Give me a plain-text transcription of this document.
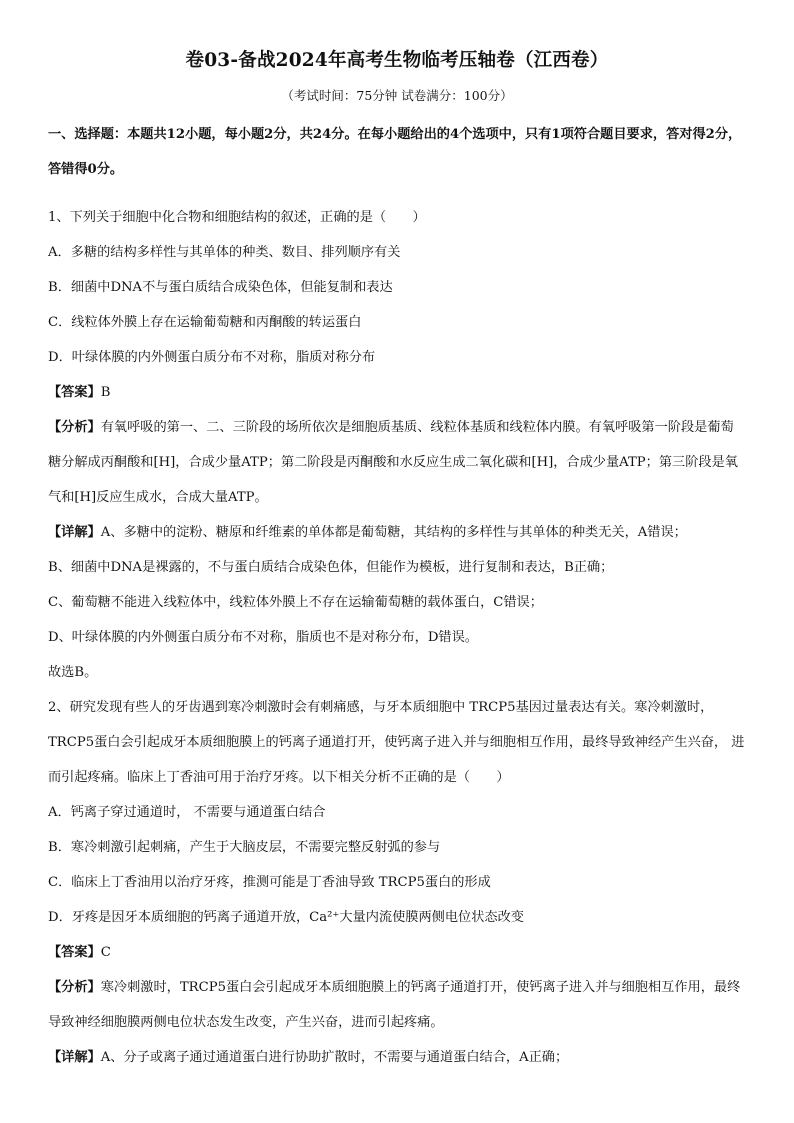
卷03-备战2024年高考生物临考压轴卷（江西卷）
（考试时间：75分钟 试卷满分：100分）

一、选择题：本题共12小题，每小题2分，共24分。在每小题给出的4个选项中，只有1项符合题目要求，答对得2分，答错得0分。

1、下列关于细胞中化合物和细胞结构的叙述，正确的是（　　）

A．多糖的结构多样性与其单体的种类、数目、排列顺序有关

B．细菌中DNA不与蛋白质结合成染色体，但能复制和表达

C．线粒体外膜上存在运输葡萄糖和丙酮酸的转运蛋白

D．叶绿体膜的内外侧蛋白质分布不对称，脂质对称分布

【答案】B

【分析】有氧呼吸的第一、二、三阶段的场所依次是细胞质基质、线粒体基质和线粒体内膜。有氧呼吸第一阶段是葡萄糖分解成丙酮酸和[H]，合成少量ATP；第二阶段是丙酮酸和水反应生成二氧化碳和[H]，合成少量ATP；第三阶段是氧气和[H]反应生成水，合成大量ATP。

【详解】A、多糖中的淀粉、糖原和纤维素的单体都是葡萄糖，其结构的多样性与其单体的种类无关，A错误；

B、细菌中DNA是裸露的，不与蛋白质结合成染色体，但能作为模板，进行复制和表达，B正确；

C、葡萄糖不能进入线粒体中，线粒体外膜上不存在运输葡萄糖的载体蛋白，C错误；

D、叶绿体膜的内外侧蛋白质分布不对称，脂质也不是对称分布，D错误。

故选B。

2、研究发现有些人的牙齿遇到寒冷刺激时会有刺痛感，与牙本质细胞中 TRCP5基因过量表达有关。寒冷刺激时，TRCP5蛋白会引起成牙本质细胞膜上的钙离子通道打开，使钙离子进入并与细胞相互作用，最终导致神经产生兴奋， 进而引起疼痛。临床上丁香油可用于治疗牙疼。以下相关分析不正确的是（　　）

A．钙离子穿过通道时， 不需要与通道蛋白结合

B．寒冷刺激引起刺痛，产生于大脑皮层，不需要完整反射弧的参与

C．临床上丁香油用以治疗牙疼，推测可能是丁香油导致 TRCP5蛋白的形成

D．牙疼是因牙本质细胞的钙离子通道开放，Ca²⁺大量内流使膜两侧电位状态改变

【答案】C

【分析】寒冷刺激时，TRCP5蛋白会引起成牙本质细胞膜上的钙离子通道打开，使钙离子进入并与细胞相互作用，最终导致神经细胞膜两侧电位状态发生改变，产生兴奋，进而引起疼痛。

【详解】A、分子或离子通过通道蛋白进行协助扩散时，不需要与通道蛋白结合，A正确；
